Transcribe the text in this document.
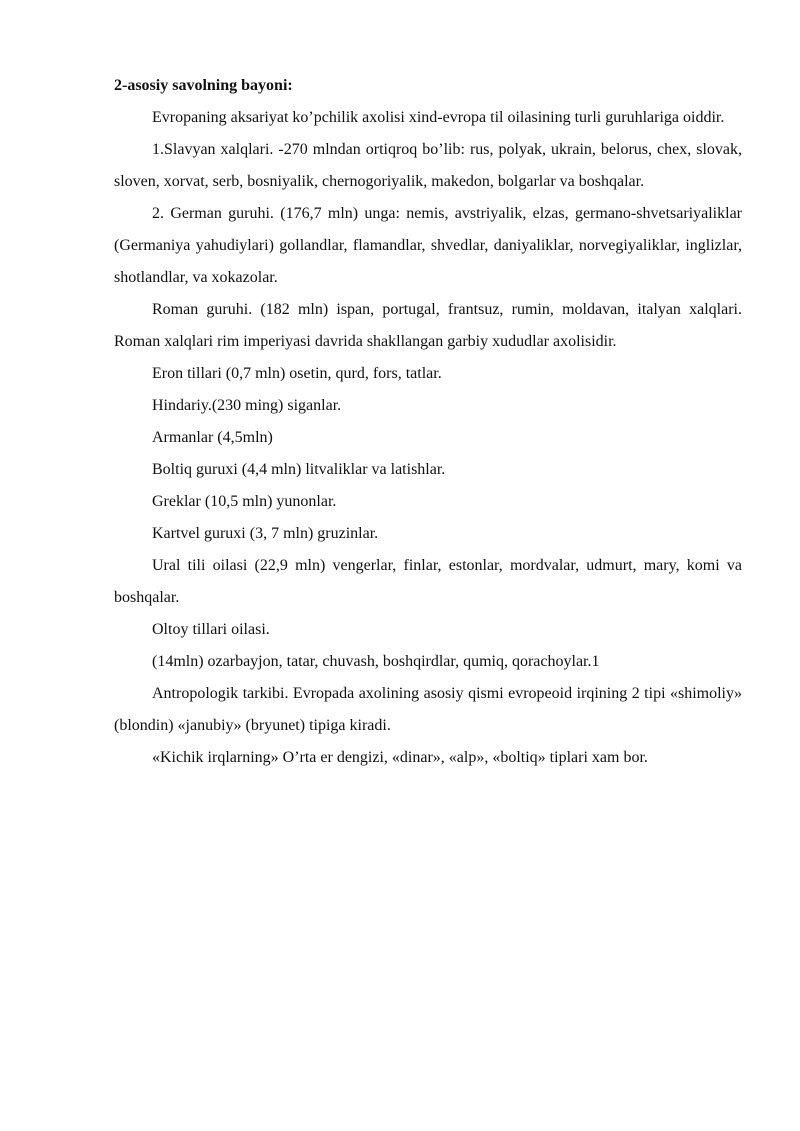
2-asosiy savolning bayoni:

Evropaning aksariyat ko’pchilik axolisi xind-evropa til oilasining turli guruhlariga oiddir.

1.Slavyan xalqlari. -270 mlndan ortiqroq bo’lib: rus, polyak, ukrain, belorus, chex, slovak, sloven, xorvat, serb, bosniyalik, chernogoriyalik, makedon, bolgarlar va boshqalar.

2. German guruhi. (176,7 mln) unga: nemis, avstriyalik, elzas, germano-shvetsariyaliklar (Germaniya yahudiylari) gollandlar, flamandlar, shvedlar, daniyaliklar, norvegiyaliklar, inglizlar, shotlandlar, va xokazolar.

Roman guruhi. (182 mln) ispan, portugal, frantsuz, rumin, moldavan, italyan xalqlari. Roman xalqlari rim imperiyasi davrida shakllangan garbiy xududlar axolisidir.

Eron tillari (0,7 mln) osetin, qurd, fors, tatlar.

Hindariy.(230 ming) siganlar.

Armanlar (4,5mln)

Boltiq guruxi (4,4 mln) litvaliklar va latishlar.

Greklar (10,5 mln) yunonlar.

Kartvel guruxi (3, 7 mln) gruzinlar.

Ural tili oilasi (22,9 mln) vengerlar, finlar, estonlar, mordvalar, udmurt, mary, komi va boshqalar.

Oltoy tillari oilasi.

(14mln) ozarbayjon, tatar, chuvash, boshqirdlar, qumiq, qorachoylar.1

Antropologik tarkibi. Evropada axolining asosiy qismi evropeoid irqining 2 tipi «shimoliy» (blondin) «janubiy» (bryunet) tipiga kiradi.

«Kichik irqlarning» O’rta er dengizi, «dinar», «alp», «boltiq» tiplari xam bor.
